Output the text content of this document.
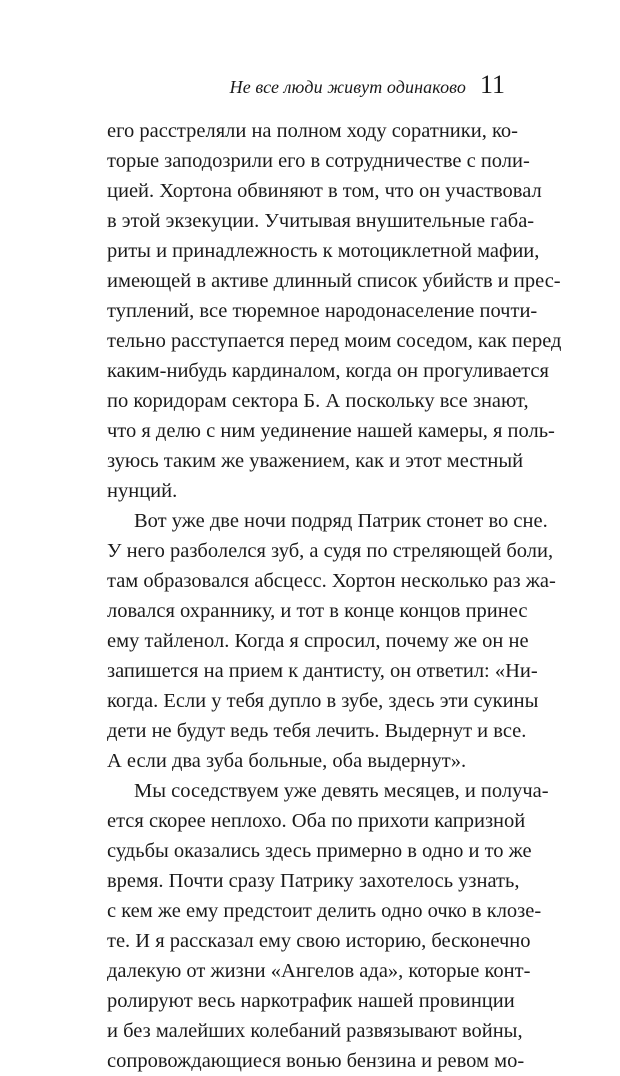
Не все люди живут одинаково 11
его расстреляли на полном ходу соратники, ко-
торые заподозрили его в сотрудничестве с поли-
цией. Хортона обвиняют в том, что он участвовал
в этой экзекуции. Учитывая внушительные габа-
риты и принадлежность к мотоциклетной мафии,
имеющей в активе длинный список убийств и прес-
туплений, все тюремное народонаселение почти-
тельно расступается перед моим соседом, как перед
каким-нибудь кардиналом, когда он прогуливается
по коридорам сектора Б. А поскольку все знают,
что я делю с ним уединение нашей камеры, я поль-
зуюсь таким же уважением, как и этот местный
нунций.
Вот уже две ночи подряд Патрик стонет во сне.
У него разболелся зуб, а судя по стреляющей боли,
там образовался абсцесс. Хортон несколько раз жа-
ловался охраннику, и тот в конце концов принес
ему тайленол. Когда я спросил, почему же он не
запишется на прием к дантисту, он ответил: «Ни-
когда. Если у тебя дупло в зубе, здесь эти сукины
дети не будут ведь тебя лечить. Выдернут и все.
А если два зуба больные, оба выдернут».
Мы соседствуем уже девять месяцев, и получа-
ется скорее неплохо. Оба по прихоти капризной
судьбы оказались здесь примерно в одно и то же
время. Почти сразу Патрику захотелось узнать,
с кем же ему предстоит делить одно очко в клозе-
те. И я рассказал ему свою историю, бесконечно
далекую от жизни «Ангелов ада», которые конт-
ролируют весь наркотрафик нашей провинции
и без малейших колебаний развязывают войны,
сопровождающиеся вонью бензина и ревом мо-
